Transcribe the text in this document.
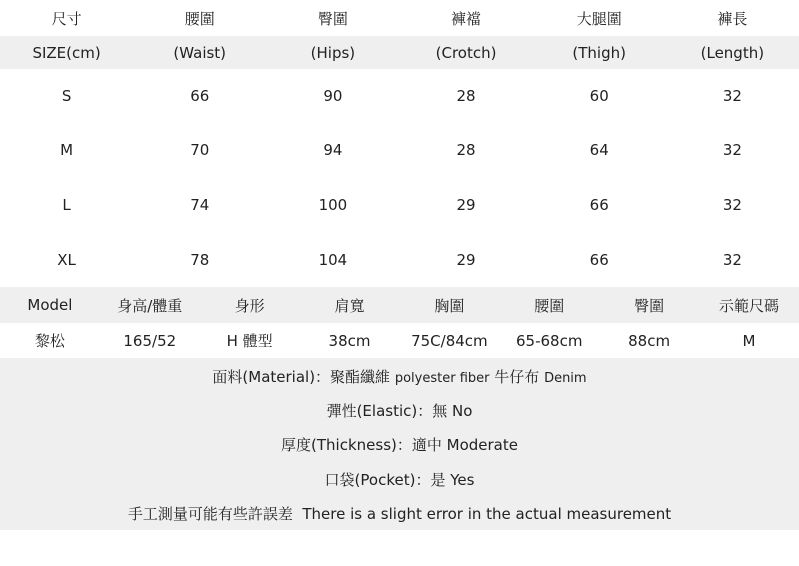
尺寸	腰圍	臀圍	褲襠	大腿圍	褲長
SIZE(cm)	(Waist)	(Hips)	(Crotch)	(Thigh)	(Length)
S	66	90	28	60	32
M	70	94	28	64	32
L	74	100	29	66	32
XL	78	104	29	66	32
Model	身高/體重	身形	肩寬	胸圍	腰圍	臀圍	示範尺碼
黎松	165/52	H 體型	38cm	75C/84cm	65-68cm	88cm	M
面料(Material)：聚酯纖維 polyester fiber 牛仔布 Denim
彈性(Elastic)：無 No
厚度(Thickness)：適中 Moderate
口袋(Pocket)：是 Yes
手工測量可能有些許誤差  There is a slight error in the actual measurement
